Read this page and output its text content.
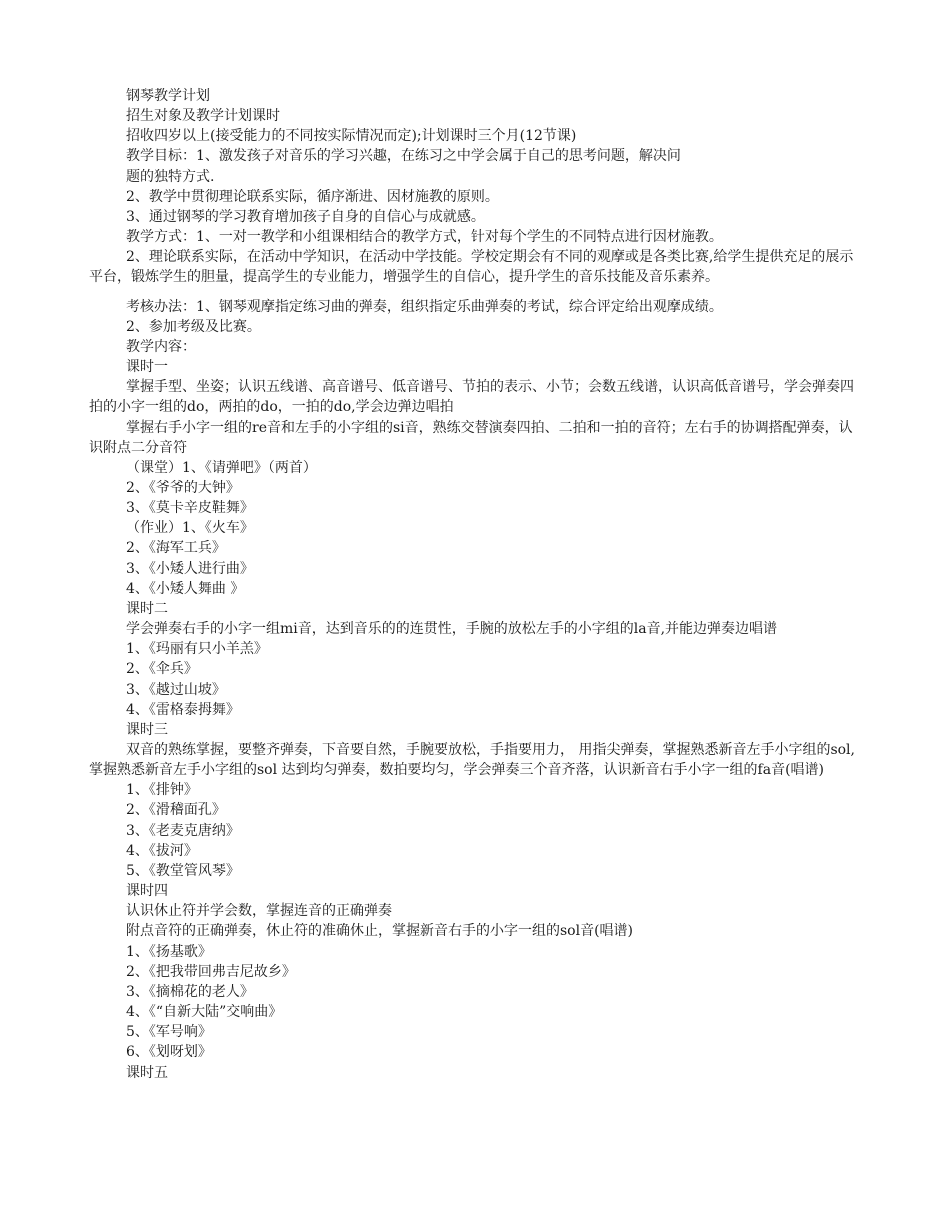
钢琴教学计划

招生对象及教学计划课时

招收四岁以上(接受能力的不同按实际情况而定);计划课时三个月(12节课)

教学目标：1、激发孩子对音乐的学习兴趣，在练习之中学会属于自己的思考问题，解决问

题的独特方式.

2、教学中贯彻理论联系实际，循序渐进、因材施教的原则。

3、通过钢琴的学习教育增加孩子自身的自信心与成就感。

教学方式：1、一对一教学和小组课相结合的教学方式，针对每个学生的不同特点进行因材施教。

2、理论联系实际，在活动中学知识，在活动中学技能。学校定期会有不同的观摩或是各类比赛,给学生提供充足的展示平台，锻炼学生的胆量，提高学生的专业能力，增强学生的自信心，提升学生的音乐技能及音乐素养。

考核办法：1、钢琴观摩指定练习曲的弹奏，组织指定乐曲弹奏的考试，综合评定给出观摩成绩。

2、参加考级及比赛。

教学内容：

课时一

掌握手型、坐姿；认识五线谱、高音谱号、低音谱号、节拍的表示、小节；会数五线谱，认识高低音谱号，学会弹奏四拍的小字一组的do，两拍的do，一拍的do,学会边弹边唱拍

掌握右手小字一组的re音和左手的小字组的si音，熟练交替演奏四拍、二拍和一拍的音符；左右手的协调搭配弹奏，认识附点二分音符

（课堂）1、《请弹吧》（两首）

2、《爷爷的大钟》

3、《莫卡辛皮鞋舞》

（作业）1、《火车》

2、《海军工兵》

3、《小矮人进行曲》

4、《小矮人舞曲 》

课时二

学会弹奏右手的小字一组mi音，达到音乐的的连贯性，手腕的放松左手的小字组的la音,并能边弹奏边唱谱

1、《玛丽有只小羊羔》

2、《伞兵》

3、《越过山坡》

4、《雷格泰拇舞》

课时三

双音的熟练掌握，要整齐弹奏，下音要自然，手腕要放松，手指要用力， 用指尖弹奏，掌握熟悉新音左手小字组的sol, 掌握熟悉新音左手小字组的sol 达到均匀弹奏，数拍要均匀，学会弹奏三个音齐落，认识新音右手小字一组的fa音(唱谱)

1、《排钟》

2、《滑稽面孔》

3、《老麦克唐纳》

4、《拔河》

5、《教堂管风琴》

课时四

认识休止符并学会数，掌握连音的正确弹奏

附点音符的正确弹奏，休止符的准确休止，掌握新音右手的小字一组的sol音(唱谱)

1、《扬基歌》

2、《把我带回弗吉尼故乡》

3、《摘棉花的老人》

4、《“自新大陆”交响曲》

5、《军号响》

6、《划呀划》

课时五
